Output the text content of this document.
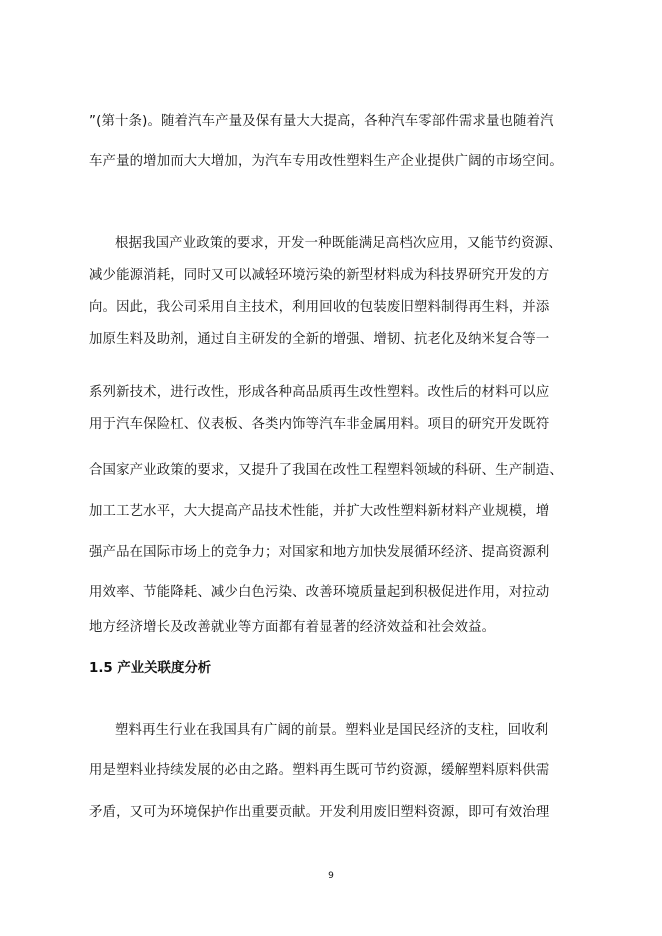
”(第十条)。随着汽车产量及保有量大大提高，各种汽车零部件需求量也随着汽
车产量的增加而大大增加，为汽车专用改性塑料生产企业提供广阔的市场空间。
根据我国产业政策的要求，开发一种既能满足高档次应用，又能节约资源、
减少能源消耗，同时又可以减轻环境污染的新型材料成为科技界研究开发的方
向。因此，我公司采用自主技术，利用回收的包装废旧塑料制得再生料，并添
加原生料及助剂，通过自主研发的全新的增强、增韧、抗老化及纳米复合等一
系列新技术，进行改性，形成各种高品质再生改性塑料。改性后的材料可以应
用于汽车保险杠、仪表板、各类内饰等汽车非金属用料。项目的研究开发既符
合国家产业政策的要求，又提升了我国在改性工程塑料领域的科研、生产制造、
加工工艺水平，大大提高产品技术性能，并扩大改性塑料新材料产业规模，增
强产品在国际市场上的竞争力；对国家和地方加快发展循环经济、提高资源利
用效率、节能降耗、减少白色污染、改善环境质量起到积极促进作用，对拉动
地方经济增长及改善就业等方面都有着显著的经济效益和社会效益。
1.5 产业关联度分析
塑料再生行业在我国具有广阔的前景。塑料业是国民经济的支柱，回收利
用是塑料业持续发展的必由之路。塑料再生既可节约资源，缓解塑料原料供需
矛盾，又可为环境保护作出重要贡献。开发利用废旧塑料资源，即可有效治理
9
